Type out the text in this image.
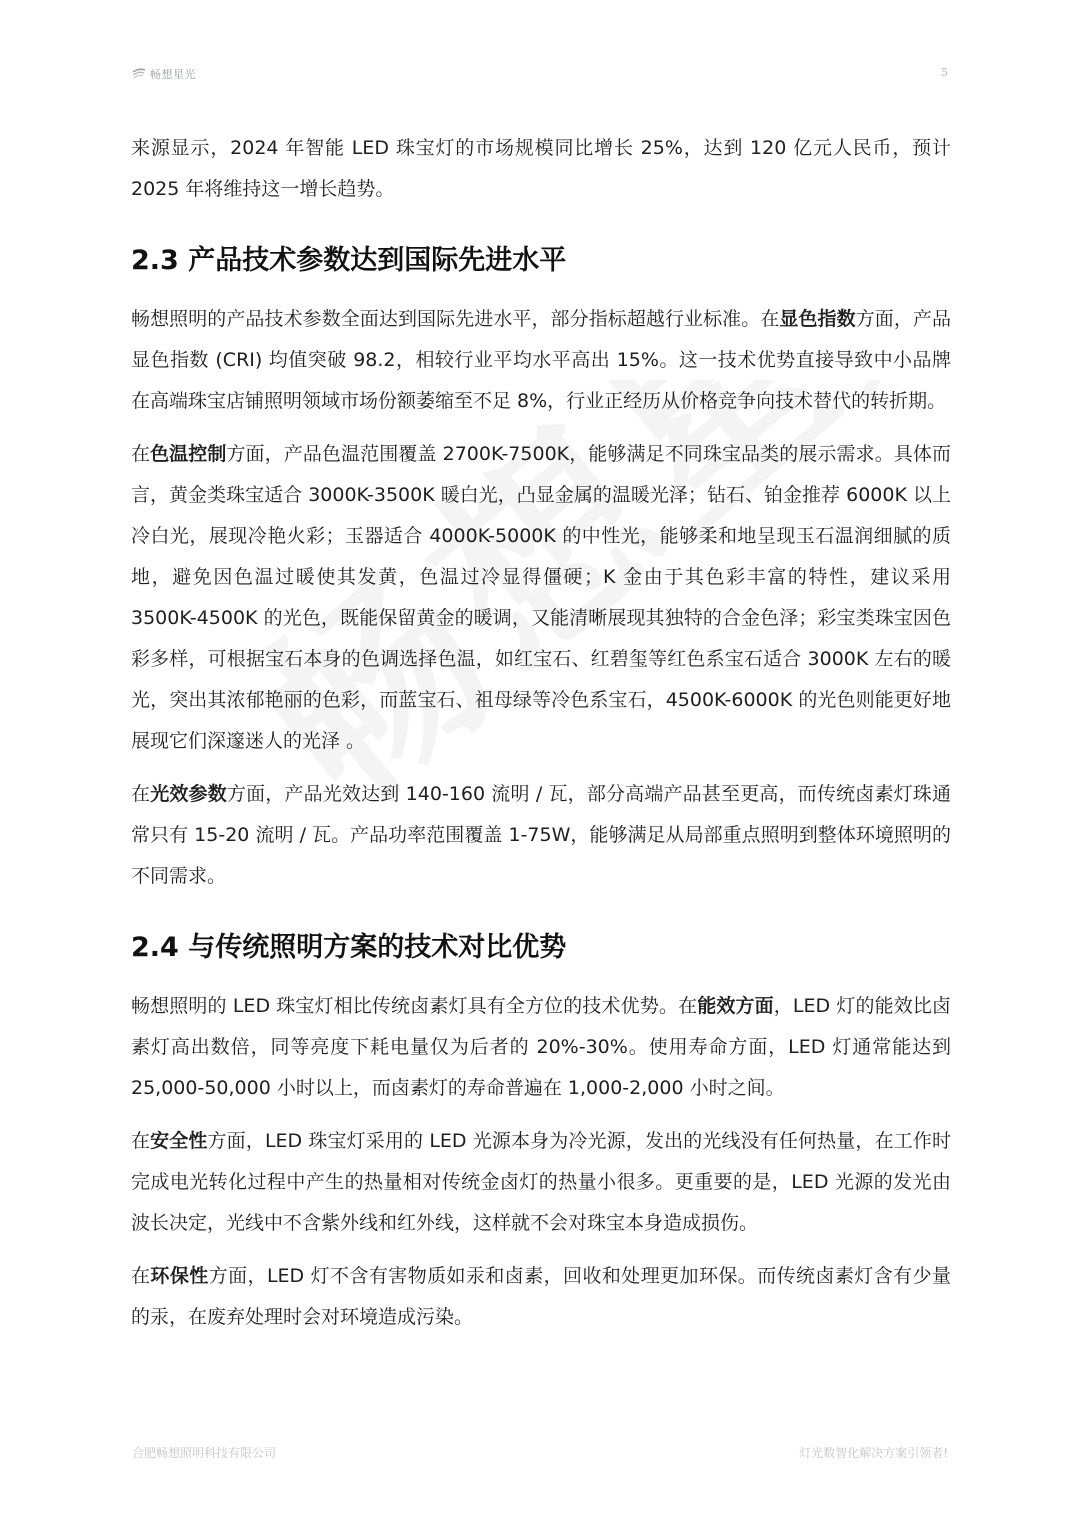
畅想星光	5

来源显示，2024 年智能 LED 珠宝灯的市场规模同比增长 25%，达到 120 亿元人民币，预计 2025 年将维持这一增长趋势。

2.3 产品技术参数达到国际先进水平

畅想照明的产品技术参数全面达到国际先进水平，部分指标超越行业标准。在显色指数方面，产品显色指数 (CRI) 均值突破 98.2，相较行业平均水平高出 15%。这一技术优势直接导致中小品牌在高端珠宝店铺照明领域市场份额萎缩至不足 8%，行业正经历从价格竞争向技术替代的转折期。

在色温控制方面，产品色温范围覆盖 2700K-7500K，能够满足不同珠宝品类的展示需求。具体而言，黄金类珠宝适合 3000K-3500K 暖白光，凸显金属的温暖光泽；钻石、铂金推荐 6000K 以上冷白光，展现冷艳火彩；玉器适合 4000K-5000K 的中性光，能够柔和地呈现玉石温润细腻的质地，避免因色温过暖使其发黄，色温过冷显得僵硬；K 金由于其色彩丰富的特性，建议采用 3500K-4500K 的光色，既能保留黄金的暖调，又能清晰展现其独特的合金色泽；彩宝类珠宝因色彩多样，可根据宝石本身的色调选择色温，如红宝石、红碧玺等红色系宝石适合 3000K 左右的暖光，突出其浓郁艳丽的色彩，而蓝宝石、祖母绿等冷色系宝石，4500K-6000K 的光色则能更好地展现它们深邃迷人的光泽 。

在光效参数方面，产品光效达到 140-160 流明 / 瓦，部分高端产品甚至更高，而传统卤素灯珠通常只有 15-20 流明 / 瓦。产品功率范围覆盖 1-75W，能够满足从局部重点照明到整体环境照明的不同需求。

2.4 与传统照明方案的技术对比优势

畅想照明的 LED 珠宝灯相比传统卤素灯具有全方位的技术优势。在能效方面，LED 灯的能效比卤素灯高出数倍，同等亮度下耗电量仅为后者的 20%-30%。使用寿命方面，LED 灯通常能达到 25,000-50,000 小时以上，而卤素灯的寿命普遍在 1,000-2,000 小时之间。

在安全性方面，LED 珠宝灯采用的 LED 光源本身为冷光源，发出的光线没有任何热量，在工作时完成电光转化过程中产生的热量相对传统金卤灯的热量小很多。更重要的是，LED 光源的发光由波长决定，光线中不含紫外线和红外线，这样就不会对珠宝本身造成损伤。

在环保性方面，LED 灯不含有害物质如汞和卤素，回收和处理更加环保。而传统卤素灯含有少量的汞，在废弃处理时会对环境造成污染。

合肥畅想照明科技有限公司	灯光数智化解决方案引领者!
